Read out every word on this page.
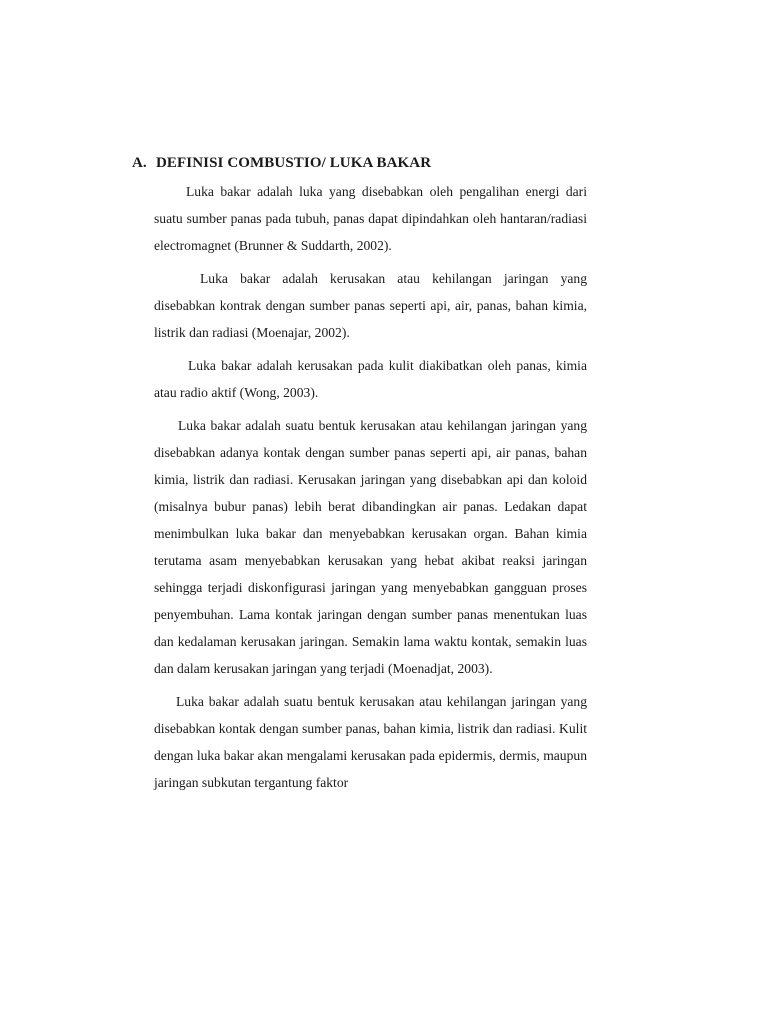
A. DEFINISI COMBUSTIO/ LUKA BAKAR

Luka bakar adalah luka yang disebabkan oleh pengalihan energi dari suatu sumber panas pada tubuh, panas dapat dipindahkan oleh hantaran/radiasi electromagnet (Brunner & Suddarth, 2002).

Luka bakar adalah kerusakan atau kehilangan jaringan yang disebabkan kontrak dengan sumber panas seperti api, air, panas, bahan kimia, listrik dan radiasi (Moenajar, 2002).

Luka bakar adalah kerusakan pada kulit diakibatkan oleh panas, kimia atau radio aktif (Wong, 2003).

Luka bakar adalah suatu bentuk kerusakan atau kehilangan jaringan yang disebabkan adanya kontak dengan sumber panas seperti api, air panas, bahan kimia, listrik dan radiasi. Kerusakan jaringan yang disebabkan api dan koloid (misalnya bubur panas) lebih berat dibandingkan air panas. Ledakan dapat menimbulkan luka bakar dan menyebabkan kerusakan organ. Bahan kimia terutama asam menyebabkan kerusakan yang hebat akibat reaksi jaringan sehingga terjadi diskonfigurasi jaringan yang menyebabkan gangguan proses penyembuhan. Lama kontak jaringan dengan sumber panas menentukan luas dan kedalaman kerusakan jaringan. Semakin lama waktu kontak, semakin luas dan dalam kerusakan jaringan yang terjadi (Moenadjat, 2003).

Luka bakar adalah suatu bentuk kerusakan atau kehilangan jaringan yang disebabkan kontak dengan sumber panas, bahan kimia, listrik dan radiasi. Kulit dengan luka bakar akan mengalami kerusakan pada epidermis, dermis, maupun jaringan subkutan tergantung faktor
